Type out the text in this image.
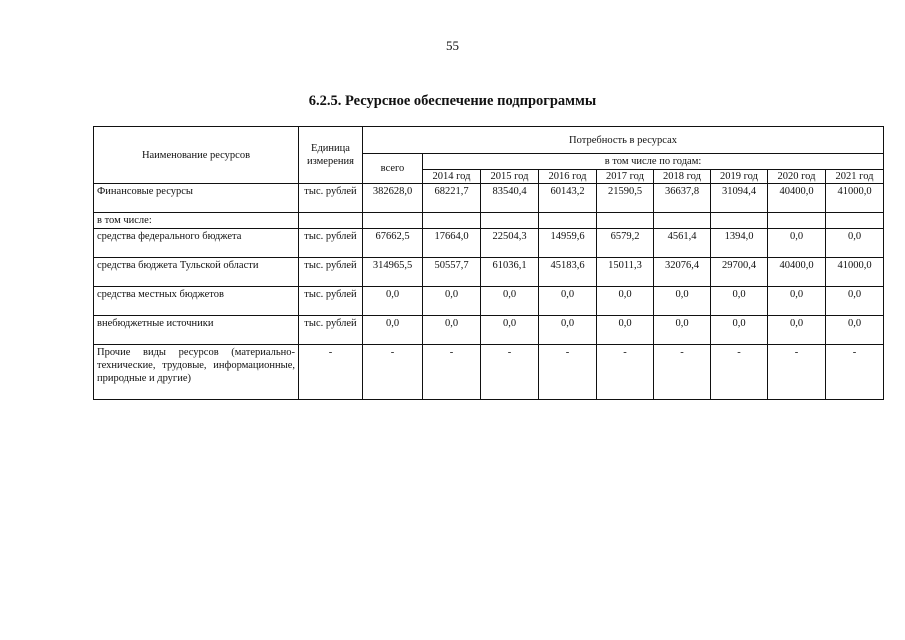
55
6.2.5. Ресурсное обеспечение подпрограммы
Наименование ресурсов	Единица измерения	Потребность в ресурсах								
		всего	в том числе по годам:							
			2014 год	2015 год	2016 год	2017 год	2018 год	2019 год	2020 год	2021 год
Финансовые ресурсы	тыс. рублей	382628,0	68221,7	83540,4	60143,2	21590,5	36637,8	31094,4	40400,0	41000,0
в том числе:										
средства федерального бюджета	тыс. рублей	67662,5	17664,0	22504,3	14959,6	6579,2	4561,4	1394,0	0,0	0,0
средства бюджета Тульской области	тыс. рублей	314965,5	50557,7	61036,1	45183,6	15011,3	32076,4	29700,4	40400,0	41000,0
средства местных бюджетов	тыс. рублей	0,0	0,0	0,0	0,0	0,0	0,0	0,0	0,0	0,0
внебюджетные источники	тыс. рублей	0,0	0,0	0,0	0,0	0,0	0,0	0,0	0,0	0,0
Прочие виды ресурсов (материально-технические, трудовые, информационные, природные и другие)	-	-	-	-	-	-	-	-	-	-
